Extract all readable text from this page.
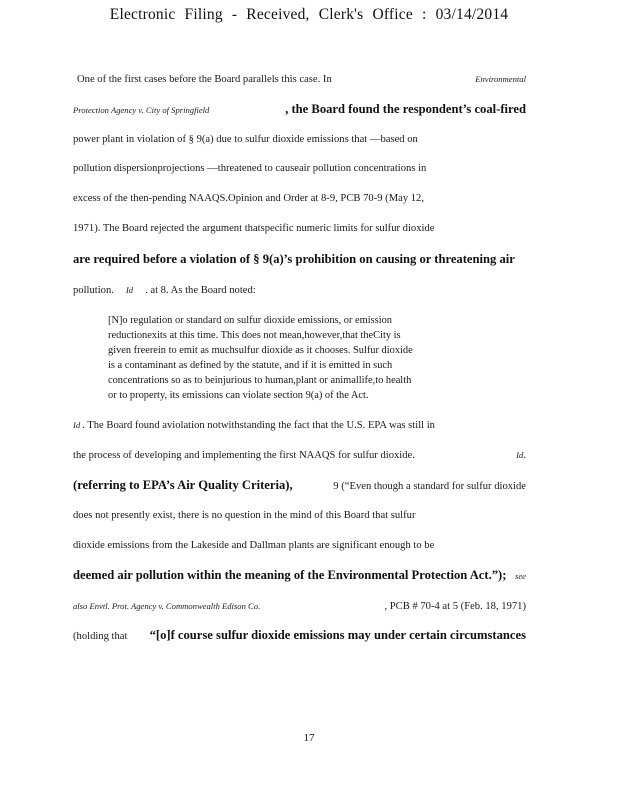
Electronic Filing - Received, Clerk's Office : 03/14/2014
One of the first cases before the Board parallels this case. In	Environmental
Protection Agency v. City of Springfield	, the Board found the respondent’s coal-fired
power plant in violation of § 9(a) due to sulfur dioxide emissions that —based on
pollution dispersionprojections —threatened to causeair pollution concentrations in
excess of the then-pending NAAQS.Opinion and Order at 8-9, PCB 70-9 (May 12,
1971). The Board rejected the argument thatspecific numeric limits for sulfur dioxide
are required before a violation of § 9(a)’s prohibition on causing or threatening air
pollution. Id . at 8. As the Board noted:
[N]o regulation or standard on sulfur dioxide emissions, or emission
reductionexits at this time. This does not mean,however,that theCity is
given freerein to emit as muchsulfur dioxide as it chooses. Sulfur dioxide
is a contaminant as defined by the statute, and if it is emitted in such
concentrations so as to beinjurious to human,plant or animallife,to health
or to property, its emissions can violate section 9(a) of the Act.
Id . The Board found aviolation notwithstanding the fact that the U.S. EPA was still in
the process of developing and implementing the first NAAQS for sulfur dioxide.	Id.
(referring to EPA’s Air Quality Criteria),	9 (“Even though a standard for sulfur dioxide
does not presently exist, there is no question in the mind of this Board that sulfur
dioxide emissions from the Lakeside and Dallman plants are significant enough to be
deemed air pollution within the meaning of the Environmental Protection Act.”); see
also Envtl. Prot. Agency v. Commonwealth Edison Co.	, PCB # 70-4 at 5 (Feb. 18, 1971)
(holding that “[o]f course sulfur dioxide emissions may under certain circumstances
17
